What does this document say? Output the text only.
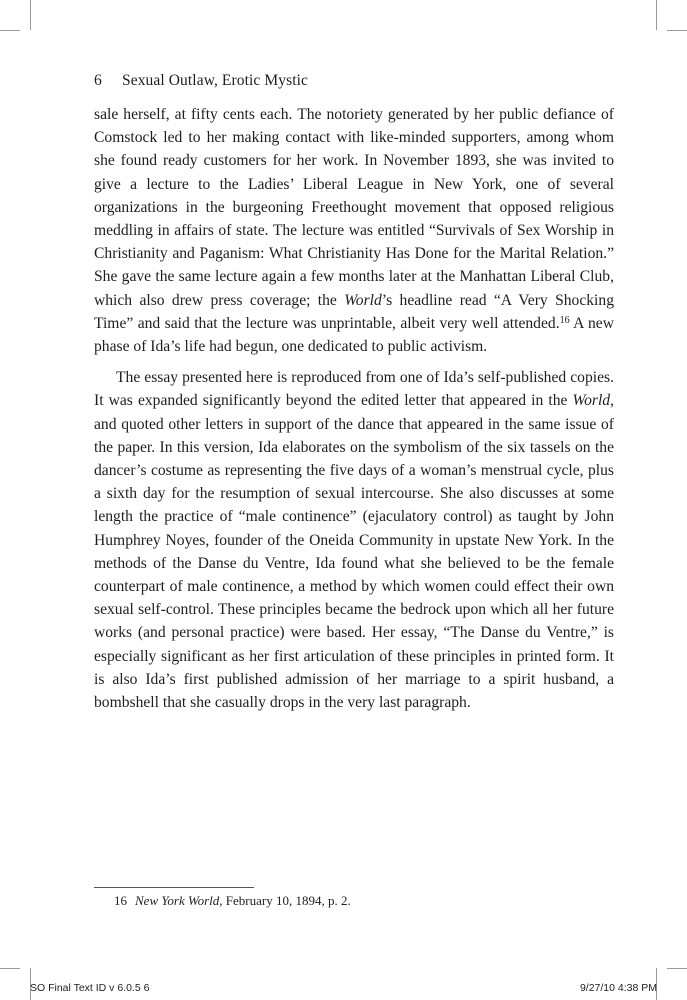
6 Sexual Outlaw, Erotic Mystic

sale herself, at fifty cents each. The notoriety generated by her public defiance of Comstock led to her making contact with like-minded supporters, among whom she found ready customers for her work. In November 1893, she was invited to give a lecture to the Ladies’ Liberal League in New York, one of several organizations in the burgeoning Freethought movement that opposed religious meddling in affairs of state. The lecture was entitled “Survivals of Sex Worship in Christianity and Paganism: What Christianity Has Done for the Marital Relation.” She gave the same lecture again a few months later at the Manhattan Liberal Club, which also drew press coverage; the World’s headline read “A Very Shocking Time” and said that the lecture was unprintable, albeit very well attended.$^{16}$ A new phase of Ida’s life had begun, one dedicated to public activism.

The essay presented here is reproduced from one of Ida’s self-published copies. It was expanded significantly beyond the edited letter that appeared in the World, and quoted other letters in support of the dance that appeared in the same issue of the paper. In this version, Ida elaborates on the symbolism of the six tassels on the dancer’s costume as representing the five days of a woman’s menstrual cycle, plus a sixth day for the resumption of sexual intercourse. She also discusses at some length the practice of “male continence” (ejaculatory control) as taught by John Humphrey Noyes, founder of the Oneida Community in upstate New York. In the methods of the Danse du Ventre, Ida found what she believed to be the female counterpart of male continence, a method by which women could effect their own sexual self-control. These principles became the bedrock upon which all her future works (and personal practice) were based. Her essay, “The Danse du Ventre,” is especially significant as her first articulation of these principles in printed form. It is also Ida’s first published admission of her marriage to a spirit husband, a bombshell that she casually drops in the very last paragraph.

16 New York World, February 10, 1894, p. 2.
SO Final Text ID v 6.0.5 6	9/27/10 4:38 PM
